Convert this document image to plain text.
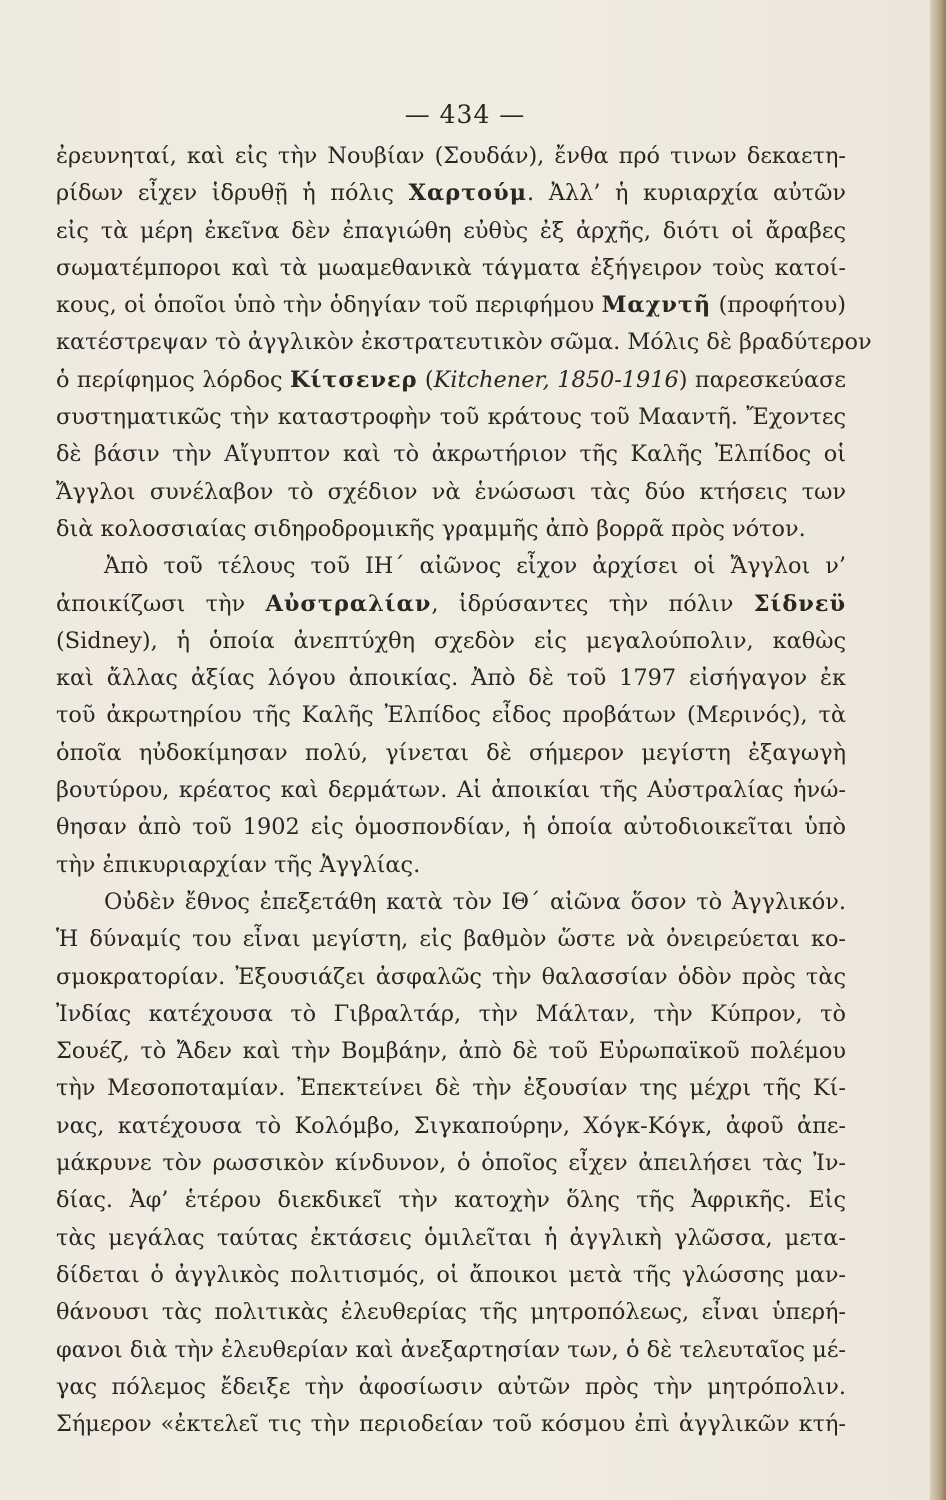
— 434 —
ἐρευνηταί, καὶ εἰς τὴν Νουβίαν (Σουδάν), ἔνθα πρό τινων δεκαετη-
ρίδων εἶχεν ἱδρυθῇ ἡ πόλις Χαρτούμ. Ἀλλ’ ἡ κυριαρχία αὐτῶν
εἰς τὰ μέρη ἐκεῖνα δὲν ἐπαγιώθη εὐθὺς ἐξ ἀρχῆς, διότι οἱ ἄραβες
σωματέμποροι καὶ τὰ μωαμεθανικὰ τάγματα ἐξήγειρον τοὺς κατοί-
κους, οἱ ὁποῖοι ὑπὸ τὴν ὁδηγίαν τοῦ περιφήμου Μαχντῆ (προφήτου)
κατέστρεψαν τὸ ἀγγλικὸν ἐκστρατευτικὸν σῶμα. Μόλις δὲ βραδύτερον
ὁ περίφημος λόρδος Κίτσενερ (Kitchener, 1850-1916) παρεσκεύασε
συστηματικῶς τὴν καταστροφὴν τοῦ κράτους τοῦ Μααντῆ. Ἔχοντες
δὲ βάσιν τὴν Αἴγυπτον καὶ τὸ ἀκρωτήριον τῆς Καλῆς Ἐλπίδος οἱ
Ἄγγλοι συνέλαβον τὸ σχέδιον νὰ ἑνώσωσι τὰς δύο κτήσεις των
διὰ κολοσσιαίας σιδηροδρομικῆς γραμμῆς ἀπὸ βορρᾶ πρὸς νότον.
Ἀπὸ τοῦ τέλους τοῦ ΙΗ΄ αἰῶνος εἶχον ἀρχίσει οἱ Ἄγγλοι ν’
ἀποικίζωσι τὴν Αὐστραλίαν, ἱδρύσαντες τὴν πόλιν Σίδνεϋ
(Sidney), ἡ ὁποία ἀνεπτύχθη σχεδὸν εἰς μεγαλούπολιν, καθὼς
καὶ ἄλλας ἀξίας λόγου ἀποικίας. Ἀπὸ δὲ τοῦ 1797 εἰσήγαγον ἐκ
τοῦ ἀκρωτηρίου τῆς Καλῆς Ἐλπίδος εἶδος προβάτων (Μερινός), τὰ
ὁποῖα ηὐδοκίμησαν πολύ, γίνεται δὲ σήμερον μεγίστη ἐξαγωγὴ
βουτύρου, κρέατος καὶ δερμάτων. Αἱ ἀποικίαι τῆς Αὐστραλίας ἡνώ-
θησαν ἀπὸ τοῦ 1902 εἰς ὁμοσπονδίαν, ἡ ὁποία αὐτοδιοικεῖται ὑπὸ
τὴν ἐπικυριαρχίαν τῆς Ἀγγλίας.
Οὐδὲν ἔθνος ἐπεξετάθη κατὰ τὸν ΙΘ΄ αἰῶνα ὅσον τὸ Ἀγγλικόν.
Ἡ δύναμίς του εἶναι μεγίστη, εἰς βαθμὸν ὥστε νὰ ὀνειρεύεται κο-
σμοκρατορίαν. Ἐξουσιάζει ἀσφαλῶς τὴν θαλασσίαν ὁδὸν πρὸς τὰς
Ἰνδίας κατέχουσα τὸ Γιβραλτάρ, τὴν Μάλταν, τὴν Κύπρον, τὸ
Σουέζ, τὸ Ἄδεν καὶ τὴν Βομβάην, ἀπὸ δὲ τοῦ Εὐρωπαϊκοῦ πολέμου
τὴν Μεσοποταμίαν. Ἐπεκτείνει δὲ τὴν ἐξουσίαν της μέχρι τῆς Κί-
νας, κατέχουσα τὸ Κολόμβο, Σιγκαπούρην, Χόγκ-Κόγκ, ἀφοῦ ἀπε-
μάκρυνε τὸν ρωσσικὸν κίνδυνον, ὁ ὁποῖος εἶχεν ἀπειλήσει τὰς Ἰν-
δίας. Ἀφ’ ἑτέρου διεκδικεῖ τὴν κατοχὴν ὅλης τῆς Ἀφρικῆς. Εἰς
τὰς μεγάλας ταύτας ἐκτάσεις ὁμιλεῖται ἡ ἀγγλικὴ γλῶσσα, μετα-
δίδεται ὁ ἀγγλικὸς πολιτισμός, οἱ ἄποικοι μετὰ τῆς γλώσσης μαν-
θάνουσι τὰς πολιτικὰς ἐλευθερίας τῆς μητροπόλεως, εἶναι ὑπερή-
φανοι διὰ τὴν ἐλευθερίαν καὶ ἀνεξαρτησίαν των, ὁ δὲ τελευταῖος μέ-
γας πόλεμος ἔδειξε τὴν ἀφοσίωσιν αὐτῶν πρὸς τὴν μητρόπολιν.
Σήμερον «ἐκτελεῖ τις τὴν περιοδείαν τοῦ κόσμου ἐπὶ ἀγγλικῶν κτή-
